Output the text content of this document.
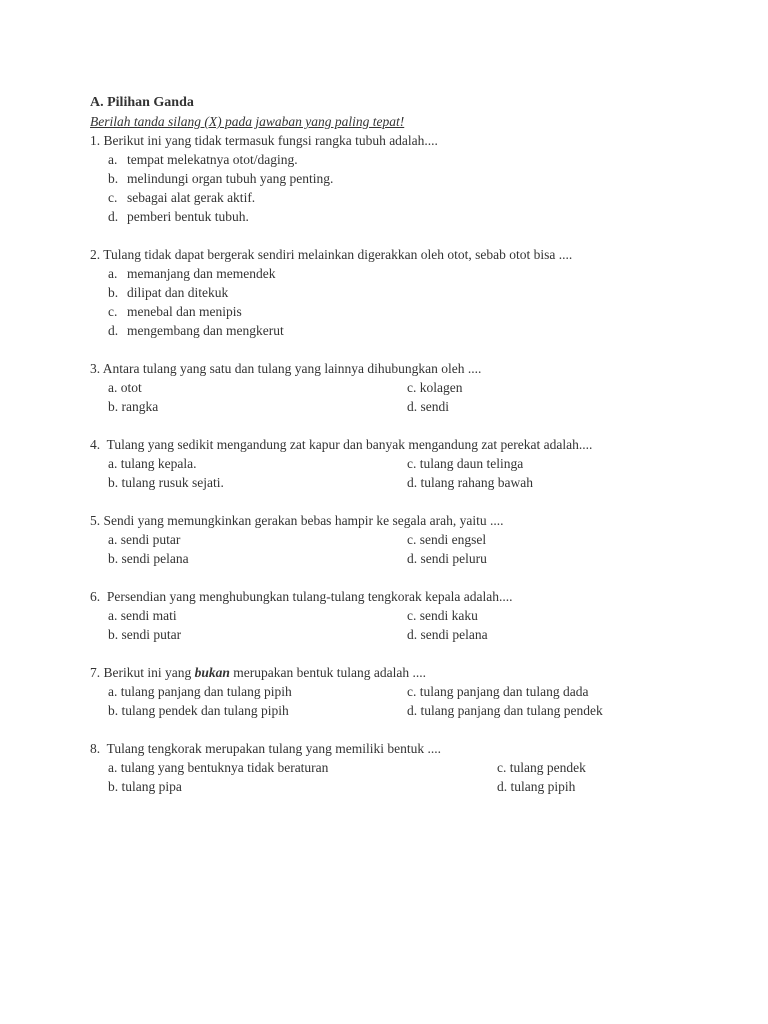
A. Pilihan Ganda
Berilah tanda silang (X) pada jawaban yang paling tepat!
1. Berikut ini yang tidak termasuk fungsi rangka tubuh adalah....
a. tempat melekatnya otot/daging.
b. melindungi organ tubuh yang penting.
c. sebagai alat gerak aktif.
d. pemberi bentuk tubuh.
2. Tulang tidak dapat bergerak sendiri melainkan digerakkan oleh otot, sebab otot bisa ....
a. memanjang dan memendek
b. dilipat dan ditekuk
c. menebal dan menipis
d. mengembang dan mengkerut
3. Antara tulang yang satu dan tulang yang lainnya dihubungkan oleh ....
a. otot	c. kolagen
b. rangka	d. sendi
4.  Tulang yang sedikit mengandung zat kapur dan banyak mengandung zat perekat adalah....
a. tulang kepala.	c. tulang daun telinga
b. tulang rusuk sejati.	d. tulang rahang bawah
5. Sendi yang memungkinkan gerakan bebas hampir ke segala arah, yaitu ....
a. sendi putar	c. sendi engsel
b. sendi pelana	d. sendi peluru
6.  Persendian yang menghubungkan tulang-tulang tengkorak kepala adalah....
a. sendi mati	c. sendi kaku
b. sendi putar	d. sendi pelana
7. Berikut ini yang bukan merupakan bentuk tulang adalah ....
a. tulang panjang dan tulang pipih	c. tulang panjang dan tulang dada
b. tulang pendek dan tulang pipih	d. tulang panjang dan tulang pendek
8.  Tulang tengkorak merupakan tulang yang memiliki bentuk ....
a. tulang yang bentuknya tidak beraturan	c. tulang pendek
b. tulang pipa	d. tulang pipih
